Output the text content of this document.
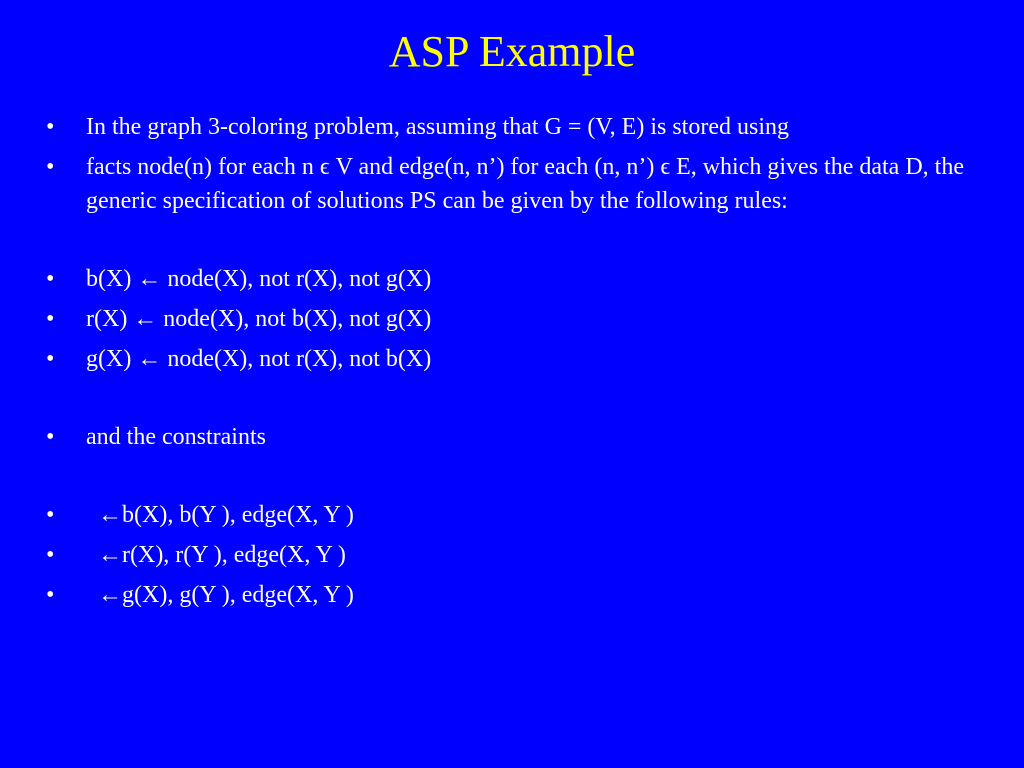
ASP Example
• In the graph 3-coloring problem, assuming that G = (V, E) is stored using
• facts node(n) for each n ϵ V and edge(n, n’) for each (n, n’) ϵ E, which gives the data D, the generic specification of solutions PS can be given by the following rules:
• b(X) ← node(X), not r(X), not g(X)
• r(X) ← node(X), not b(X), not g(X)
• g(X) ← node(X), not r(X), not b(X)
• and the constraints
• ←b(X), b(Y ), edge(X, Y )
• ←r(X), r(Y ), edge(X, Y )
• ←g(X), g(Y ), edge(X, Y )
